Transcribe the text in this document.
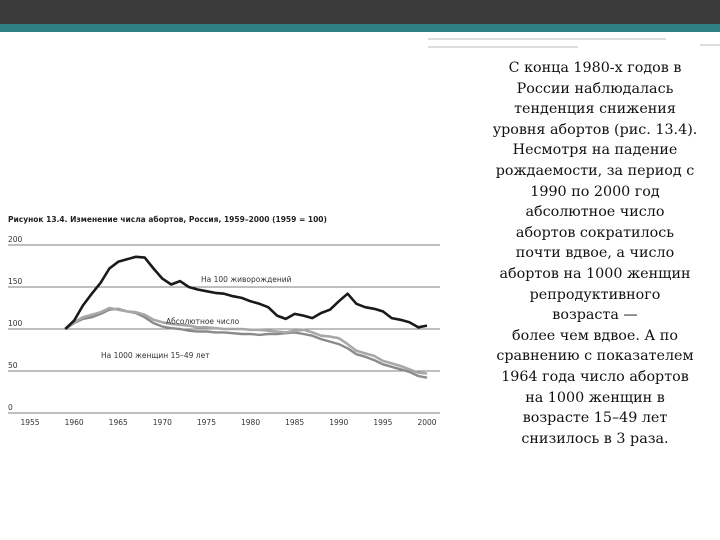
Рисунок 13.4. Изменение числа абортов, Россия, 1959–2000 (1959 = 100)
0
50
100
150
200
1955	1960	1965	1970	1975	1980	1985	1990	1995	2000
На 100 живорождений
Абсолютное число
На 1000 женщин 15–49 лет
С конца 1980-х годов в
России наблюдалась
тенденция снижения
уровня абортов (рис. 13.4).
Несмотря на падение
рождаемости, за период с
1990 по 2000 год
абсолютное число
абортов сократилось
почти вдвое, а число
абортов на 1000 женщин
репродуктивного
возраста —
более чем вдвое. А по
сравнению с показателем
1964 года число абортов
на 1000 женщин в
возрасте 15–49 лет
снизилось в 3 раза.
